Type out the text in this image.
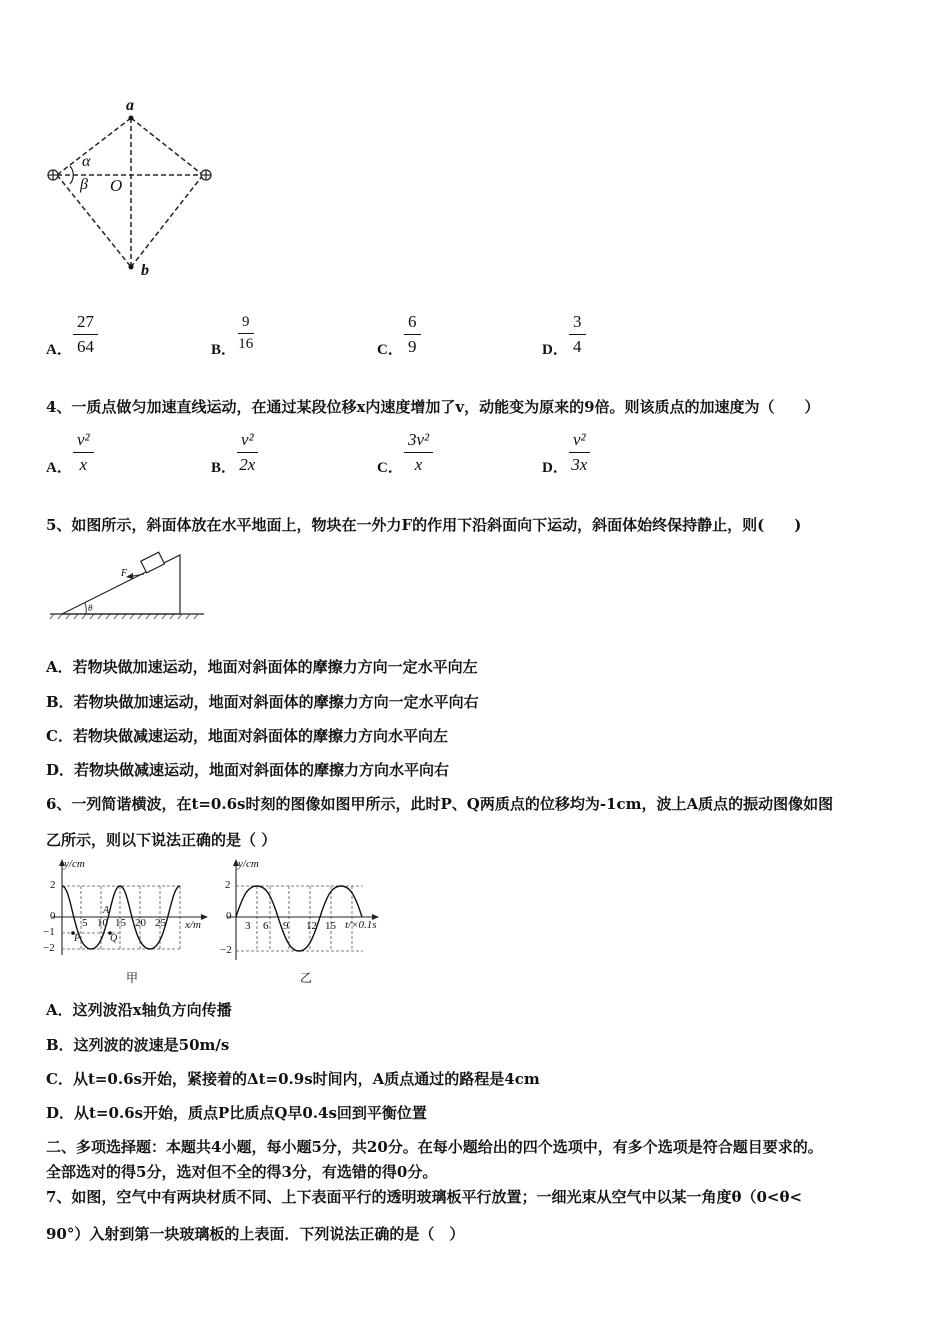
a
b
O
α
β
A． $\frac{27}{64}$	B． $\frac{9}{16}$	C． $\frac{6}{9}$	D． $\frac{3}{4}$
4、一质点做匀加速直线运动，在通过某段位移x内速度增加了v，动能变为原来的9倍。则该质点的加速度为（　　）
A． $\frac{\text{v²}}{x}$	B． $\frac{\text{v²}}{2x}$	C． $\frac{\text{3v²}}{x}$	D． $\frac{\text{v²}}{3x}$
5、如图所示，斜面体放在水平地面上，物块在一外力F的作用下沿斜面向下运动，斜面体始终保持静止，则(　　)
F
θ
A．若物块做加速运动，地面对斜面体的摩擦力方向一定水平向左
B．若物块做加速运动，地面对斜面体的摩擦力方向一定水平向右
C．若物块做减速运动，地面对斜面体的摩擦力方向水平向左
D．若物块做减速运动，地面对斜面体的摩擦力方向水平向右
6、一列简谐横波，在t=0.6s时刻的图像如图甲所示，此时P、Q两质点的位移均为-1cm，波上A质点的振动图像如图
乙所示，则以下说法正确的是（ ）
y/cm
x/m
2
0
−1
−2
5 10 15 20 25
A
P	Q
甲
y/cm
t/×0.1s
2
0
−2
3 6 9 12 15
乙
A．这列波沿x轴负方向传播
B．这列波的波速是50m/s
C．从t=0.6s开始，紧接着的Δt=0.9s时间内，A质点通过的路程是4cm
D．从t=0.6s开始，质点P比质点Q早0.4s回到平衡位置
二、多项选择题：本题共4小题，每小题5分，共20分。在每小题给出的四个选项中，有多个选项是符合题目要求的。
全部选对的得5分，选对但不全的得3分，有选错的得0分。
7、如图，空气中有两块材质不同、上下表面平行的透明玻璃板平行放置；一细光束从空气中以某一角度θ（0<θ<
90°）入射到第一块玻璃板的上表面．下列说法正确的是（　）
